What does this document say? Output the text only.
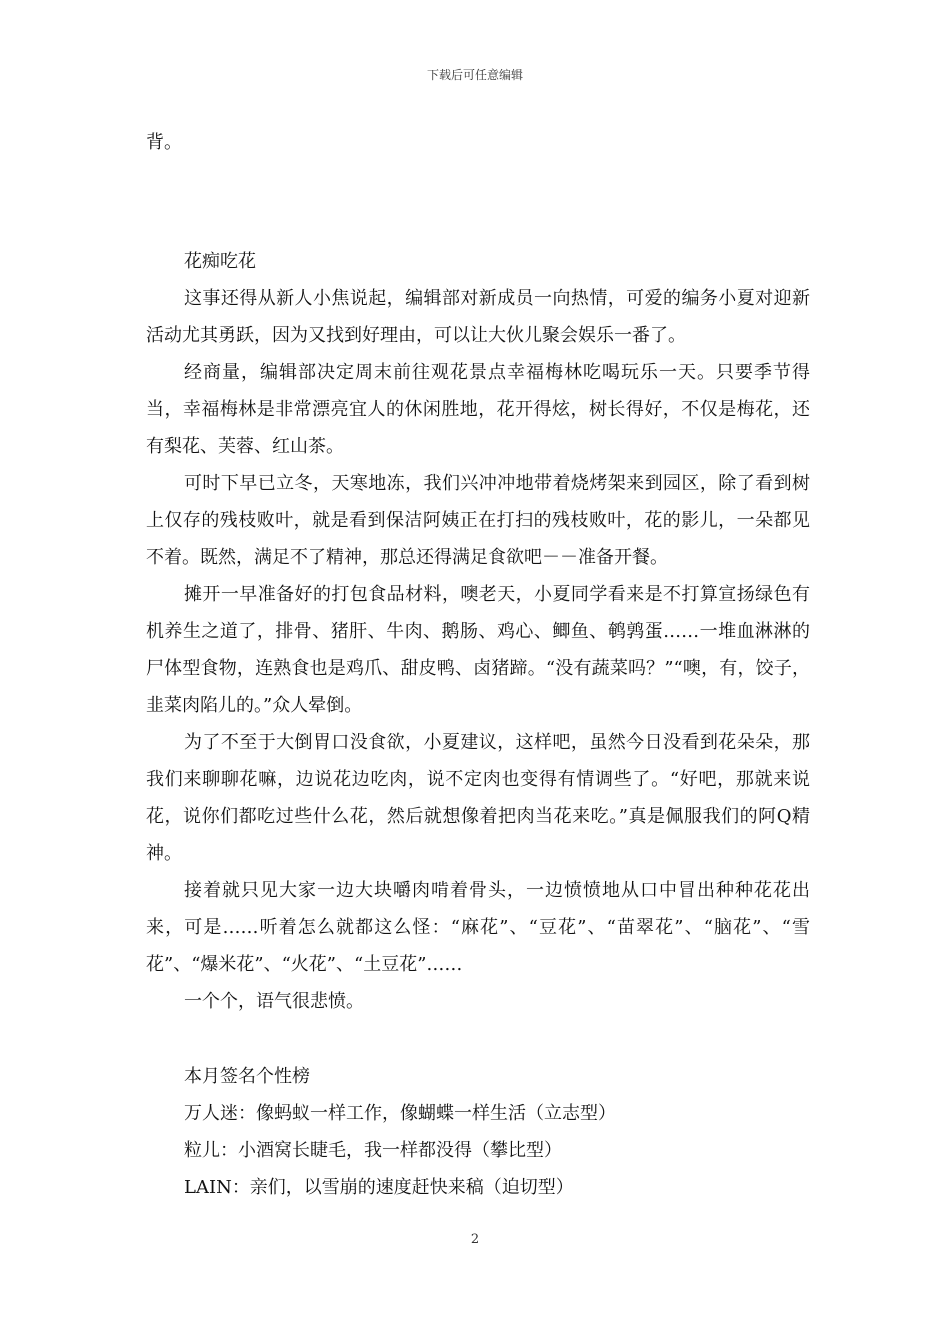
下载后可任意编辑

背。

花痴吃花

这事还得从新人小焦说起，编辑部对新成员一向热情，可爱的编务小夏对迎新活动尤其勇跃，因为又找到好理由，可以让大伙儿聚会娱乐一番了。

经商量，编辑部决定周末前往观花景点幸福梅林吃喝玩乐一天。只要季节得当，幸福梅林是非常漂亮宜人的休闲胜地，花开得炫，树长得好，不仅是梅花，还有梨花、芙蓉、红山茶。

可时下早已立冬，天寒地冻，我们兴冲冲地带着烧烤架来到园区，除了看到树上仅存的残枝败叶，就是看到保洁阿姨正在打扫的残枝败叶，花的影儿，一朵都见不着。既然，满足不了精神，那总还得满足食欲吧－－准备开餐。

摊开一早准备好的打包食品材料，噢老天，小夏同学看来是不打算宣扬绿色有机养生之道了，排骨、猪肝、牛肉、鹅肠、鸡心、鲫鱼、鹌鹑蛋……一堆血淋淋的尸体型食物，连熟食也是鸡爪、甜皮鸭、卤猪蹄。“没有蔬菜吗？”“噢，有，饺子，韭菜肉陷儿的。”众人晕倒。

为了不至于大倒胃口没食欲，小夏建议，这样吧，虽然今日没看到花朵朵，那我们来聊聊花嘛，边说花边吃肉，说不定肉也变得有情调些了。“好吧，那就来说花，说你们都吃过些什么花，然后就想像着把肉当花来吃。”真是佩服我们的阿Q精神。

接着就只见大家一边大块嚼肉啃着骨头，一边愤愤地从口中冒出种种花花出来，可是……听着怎么就都这么怪：“麻花”、“豆花”、“苗翠花”、“脑花”、“雪花”、“爆米花”、“火花”、“土豆花”……

一个个，语气很悲愤。

本月签名个性榜

万人迷：像蚂蚁一样工作，像蝴蝶一样生活（立志型）

粒儿：小酒窝长睫毛，我一样都没得（攀比型）

LAIN：亲们，以雪崩的速度赶快来稿（迫切型）

2
